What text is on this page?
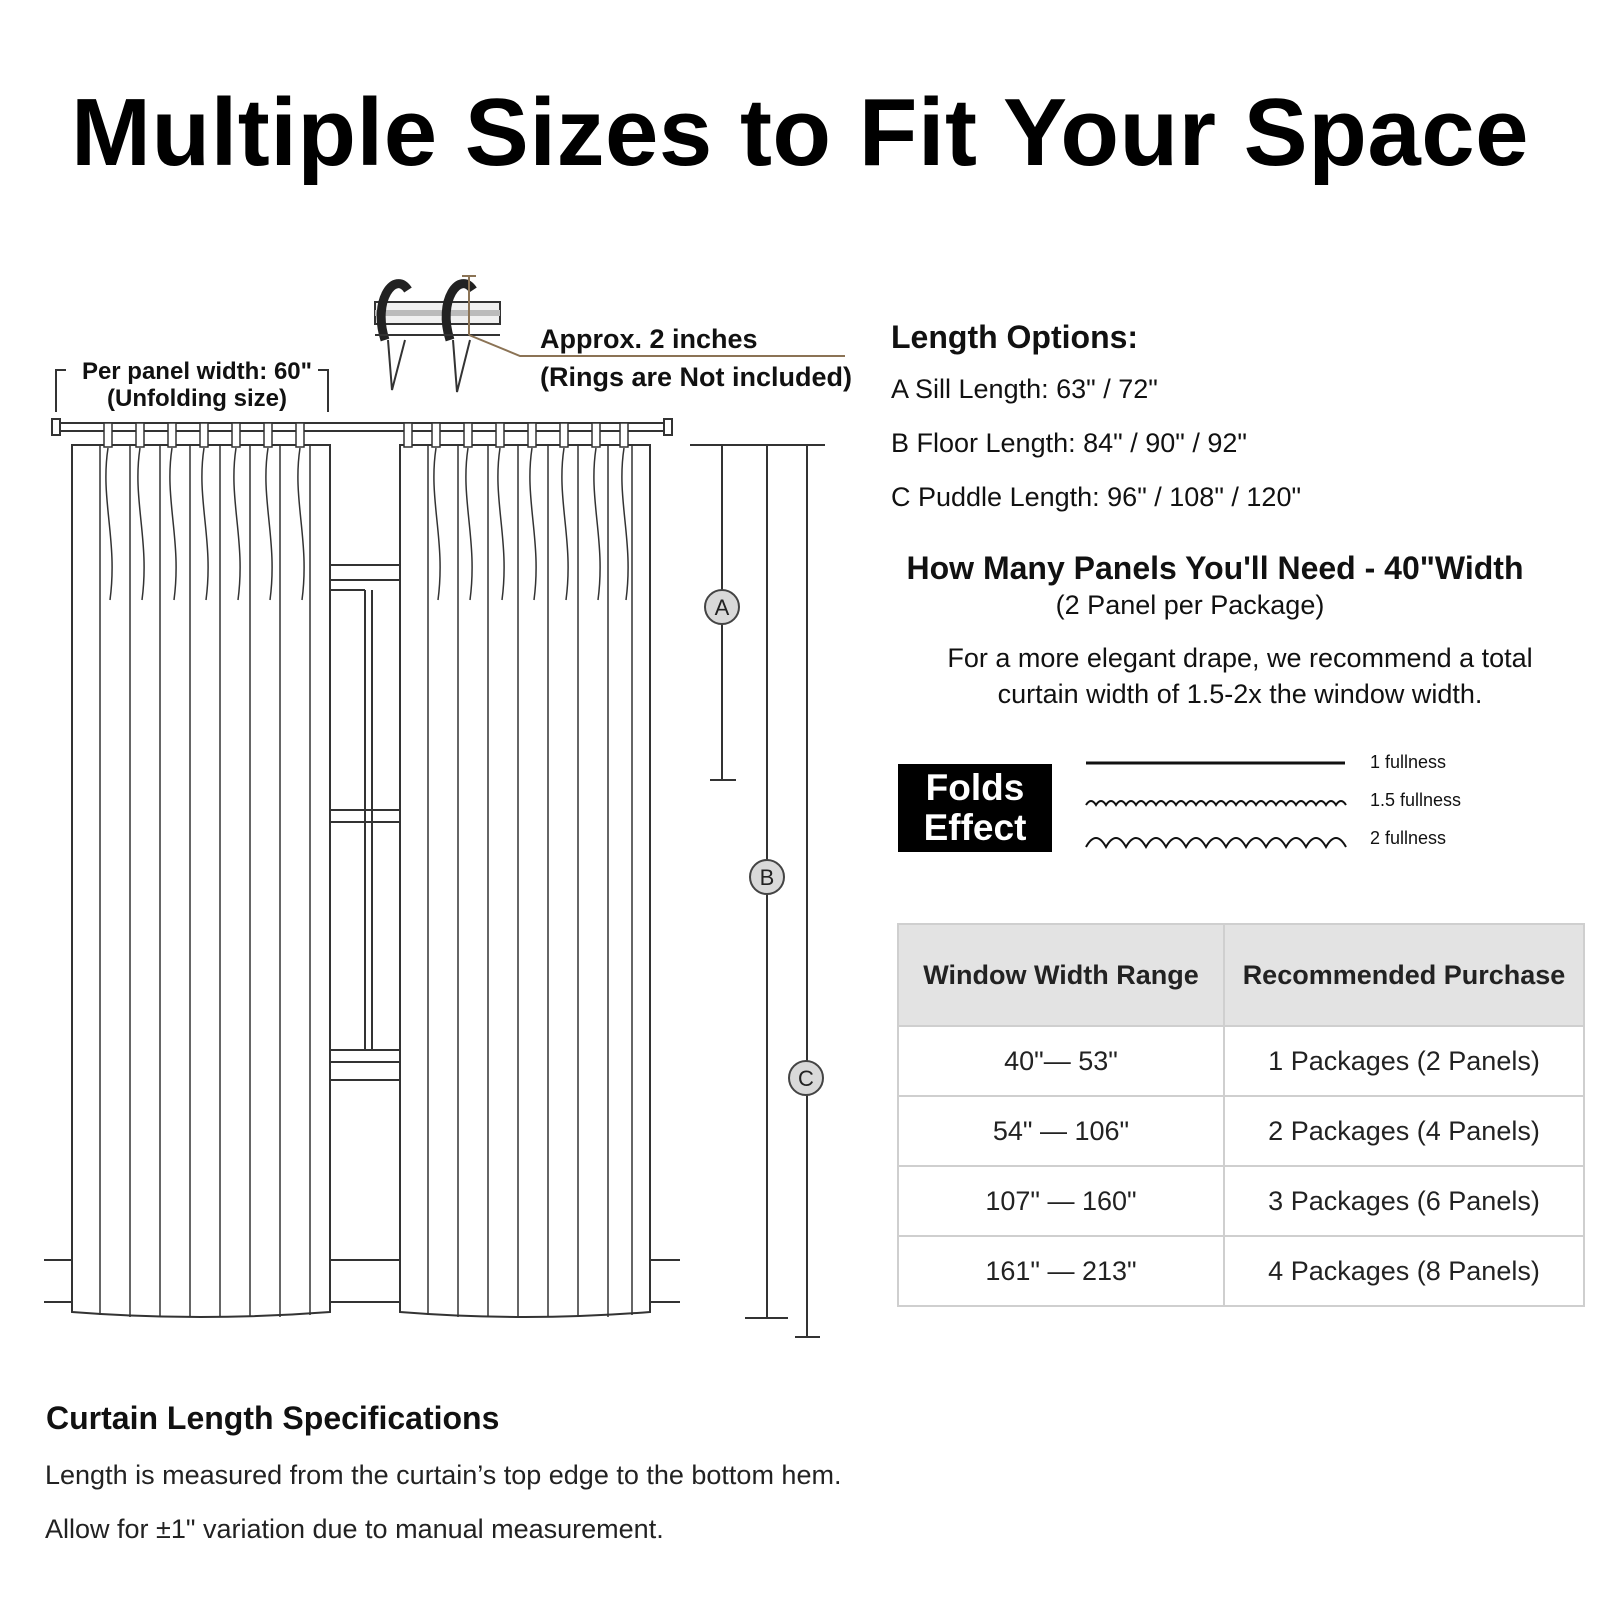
Multiple Sizes to Fit Your Space
A
B
C
Per panel width: 60"
(Unfolding size)
Approx. 2 inches
(Rings are Not included)
Length Options:
A Sill Length: 63" / 72"
B Floor Length: 84" / 90" / 92"
C Puddle Length: 96" / 108" / 120"
How Many Panels You'll Need - 40"Width
(2 Panel per Package)
For a more elegant drape, we recommend a total
curtain width of 1.5-2x the window width.
Folds
Effect
1 fullness
1.5 fullness
2 fullness
Window Width Range	Recommended Purchase
40"— 53"	1 Packages (2 Panels)
54" — 106"	2 Packages (4 Panels)
107" — 160"	3 Packages (6 Panels)
161" — 213"	4 Packages (8 Panels)
Curtain Length Specifications
Length is measured from the curtain’s top edge to the bottom hem.
Allow for ±1" variation due to manual measurement.
